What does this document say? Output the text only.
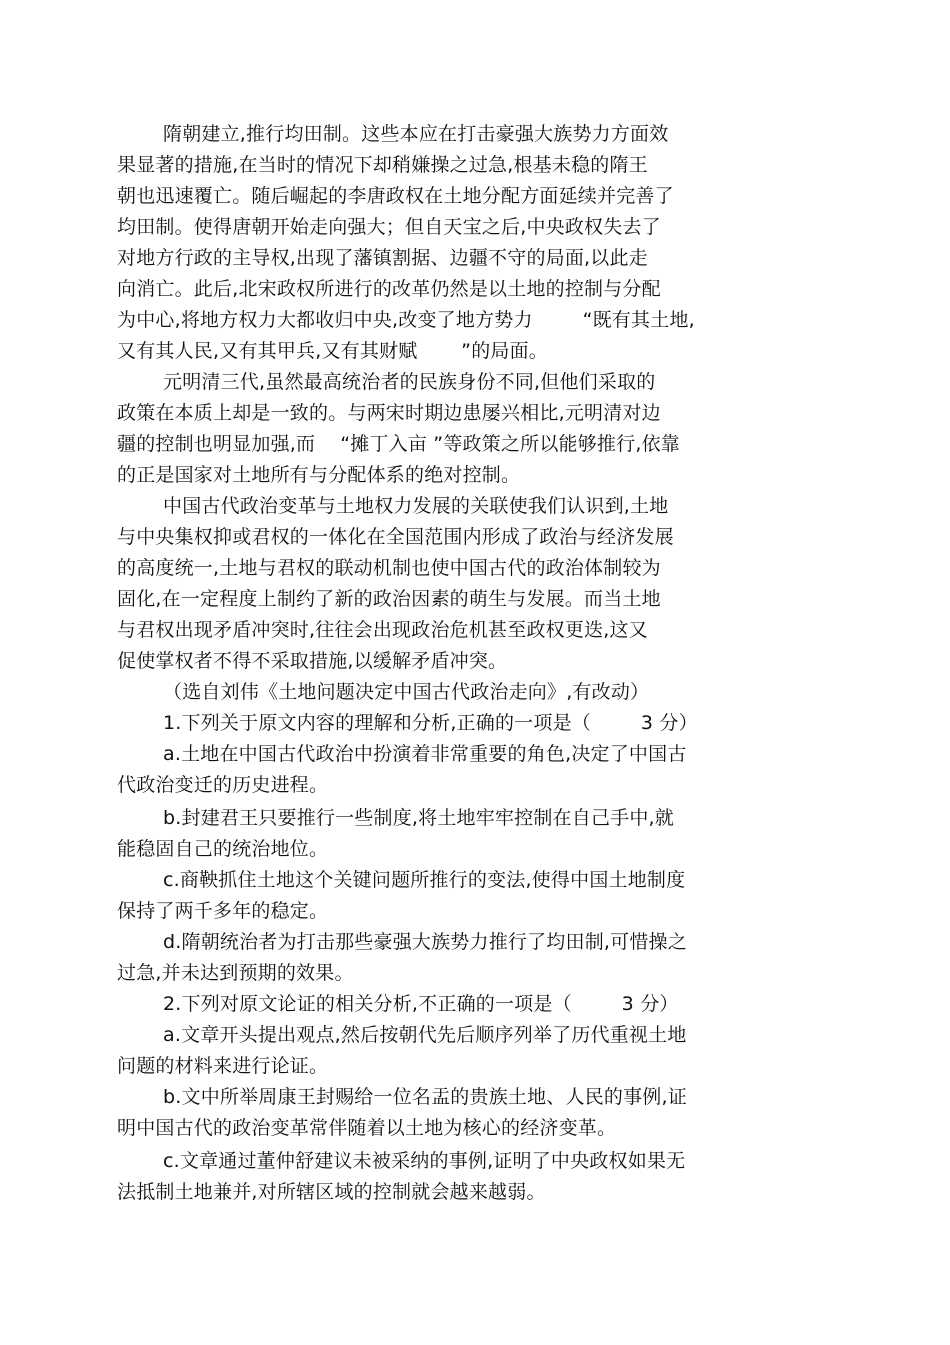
隋朝建立,推行均田制。这些本应在打击豪强大族势力方面效
果显著的措施,在当时的情况下却稍嫌操之过急,根基未稳的隋王
朝也迅速覆亡。随后崛起的李唐政权在土地分配方面延续并完善了
均田制。使得唐朝开始走向强大；但自天宝之后,中央政权失去了
对地方行政的主导权,出现了藩镇割据、边疆不守的局面,以此走
向消亡。此后,北宋政权所进行的改革仍然是以土地的控制与分配
为中心,将地方权力大都收归中央,改变了地方势力        “既有其土地,
又有其人民,又有其甲兵,又有其财赋       ”的局面。
元明清三代,虽然最高统治者的民族身份不同,但他们采取的
政策在本质上却是一致的。与两宋时期边患屡兴相比,元明清对边
疆的控制也明显加强,而    “摊丁入亩 ”等政策之所以能够推行,依靠
的正是国家对土地所有与分配体系的绝对控制。
中国古代政治变革与土地权力发展的关联使我们认识到,土地
与中央集权抑或君权的一体化在全国范围内形成了政治与经济发展
的高度统一,土地与君权的联动机制也使中国古代的政治体制较为
固化,在一定程度上制约了新的政治因素的萌生与发展。而当土地
与君权出现矛盾冲突时,往往会出现政治危机甚至政权更迭,这又
促使掌权者不得不采取措施,以缓解矛盾冲突。
（选自刘伟《土地问题决定中国古代政治走向》,有改动）
1.下列关于原文内容的理解和分析,正确的一项是（        3 分）
a.土地在中国古代政治中扮演着非常重要的角色,决定了中国古
代政治变迁的历史进程。
b.封建君王只要推行一些制度,将土地牢牢控制在自己手中,就
能稳固自己的统治地位。
c.商鞅抓住土地这个关键问题所推行的变法,使得中国土地制度
保持了两千多年的稳定。
d.隋朝统治者为打击那些豪强大族势力推行了均田制,可惜操之
过急,并未达到预期的效果。
2.下列对原文论证的相关分析,不正确的一项是（        3 分）
a.文章开头提出观点,然后按朝代先后顺序列举了历代重视土地
问题的材料来进行论证。
b.文中所举周康王封赐给一位名盂的贵族土地、人民的事例,证
明中国古代的政治变革常伴随着以土地为核心的经济变革。
c.文章通过董仲舒建议未被采纳的事例,证明了中央政权如果无
法抵制土地兼并,对所辖区域的控制就会越来越弱。
